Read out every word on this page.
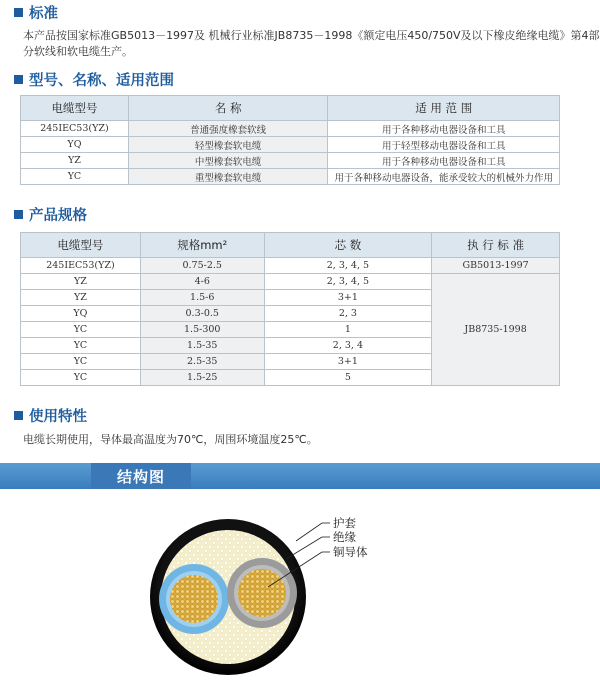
标准
本产品按国家标准GB5013－1997及 机械行业标准JB8735－1998《额定电压450/750V及以下橡皮绝缘电缆》第4部
分软线和软电缆生产。
型号、名称、适用范围
电缆型号	名 称	适 用 范 围
245IEC53(YZ)	普通强度橡套软线	用于各种移动电器设备和工具
YQ	轻型橡套软电缆	用于轻型移动电器设备和工具
YZ	中型橡套软电缆	用于各种移动电器设备和工具
YC	重型橡套软电缆	用于各种移动电器设备，能承受较大的机械外力作用
产品规格
电缆型号	规格mm²	芯 数	执 行 标 准
245IEC53(YZ)	0.75-2.5	2, 3, 4, 5	GB5013-1997
YZ	4-6	2, 3, 4, 5	JB8735-1998
YZ	1.5-6	3+1	
YQ	0.3-0.5	2, 3	
YC	1.5-300	1	
YC	1.5-35	2, 3, 4	
YC	2.5-35	3+1	
YC	1.5-25	5	
使用特性
电缆长期使用，导体最高温度为70℃，周围环境温度25℃。
结构图
护套
绝缘
铜导体
